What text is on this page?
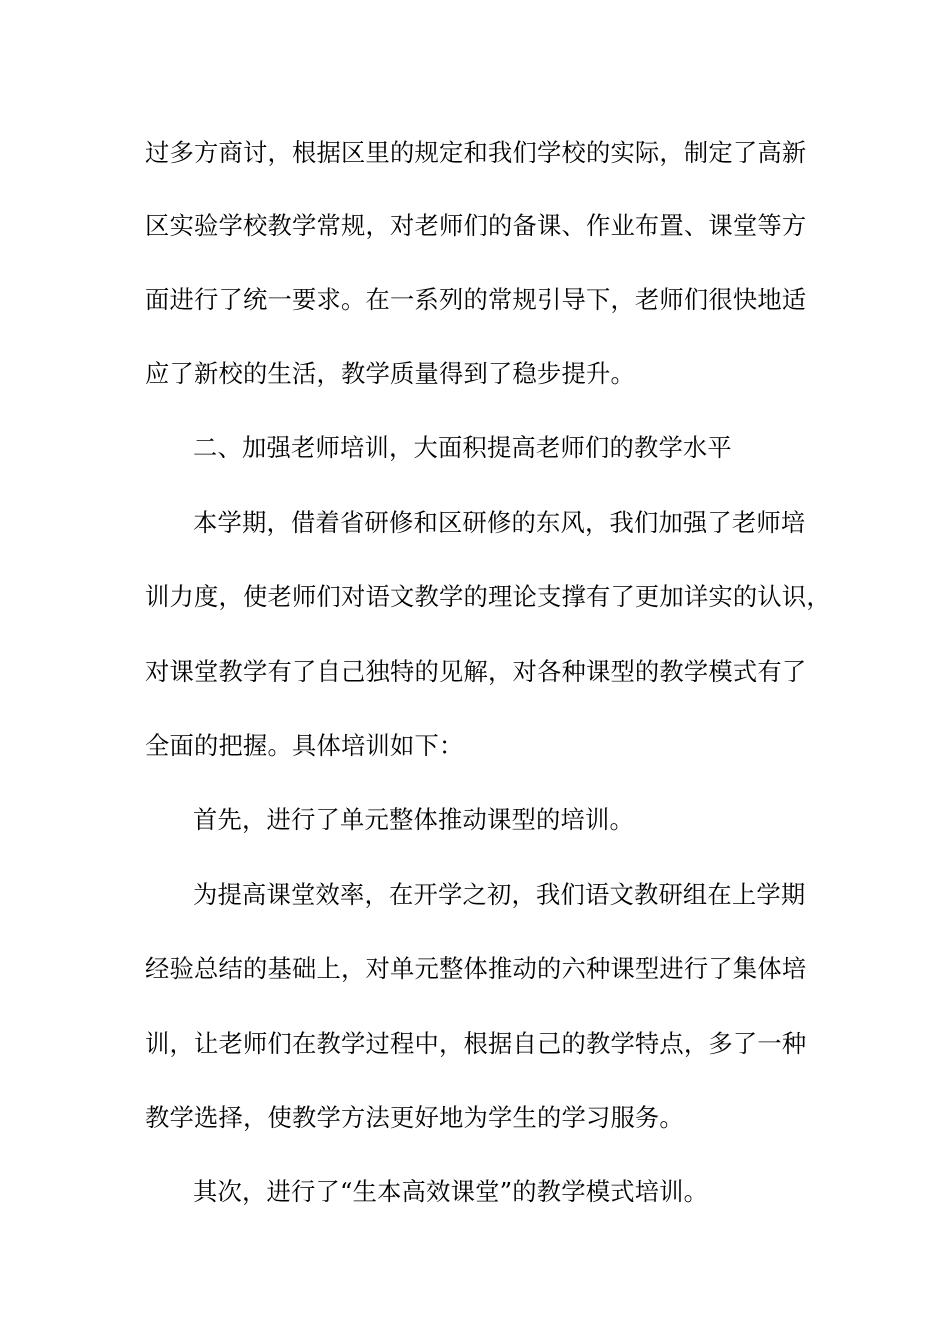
过多方商讨，根据区里的规定和我们学校的实际，制定了高新
区实验学校教学常规，对老师们的备课、作业布置、课堂等方
面进行了统一要求。在一系列的常规引导下，老师们很快地适
应了新校的生活，教学质量得到了稳步提升。
二、加强老师培训，大面积提高老师们的教学水平
本学期，借着省研修和区研修的东风，我们加强了老师培
训力度，使老师们对语文教学的理论支撑有了更加详实的认识，
对课堂教学有了自己独特的见解，对各种课型的教学模式有了
全面的把握。具体培训如下：
首先，进行了单元整体推动课型的培训。
为提高课堂效率，在开学之初，我们语文教研组在上学期
经验总结的基础上，对单元整体推动的六种课型进行了集体培
训，让老师们在教学过程中，根据自己的教学特点，多了一种
教学选择，使教学方法更好地为学生的学习服务。
其次，进行了“生本高效课堂”的教学模式培训。
